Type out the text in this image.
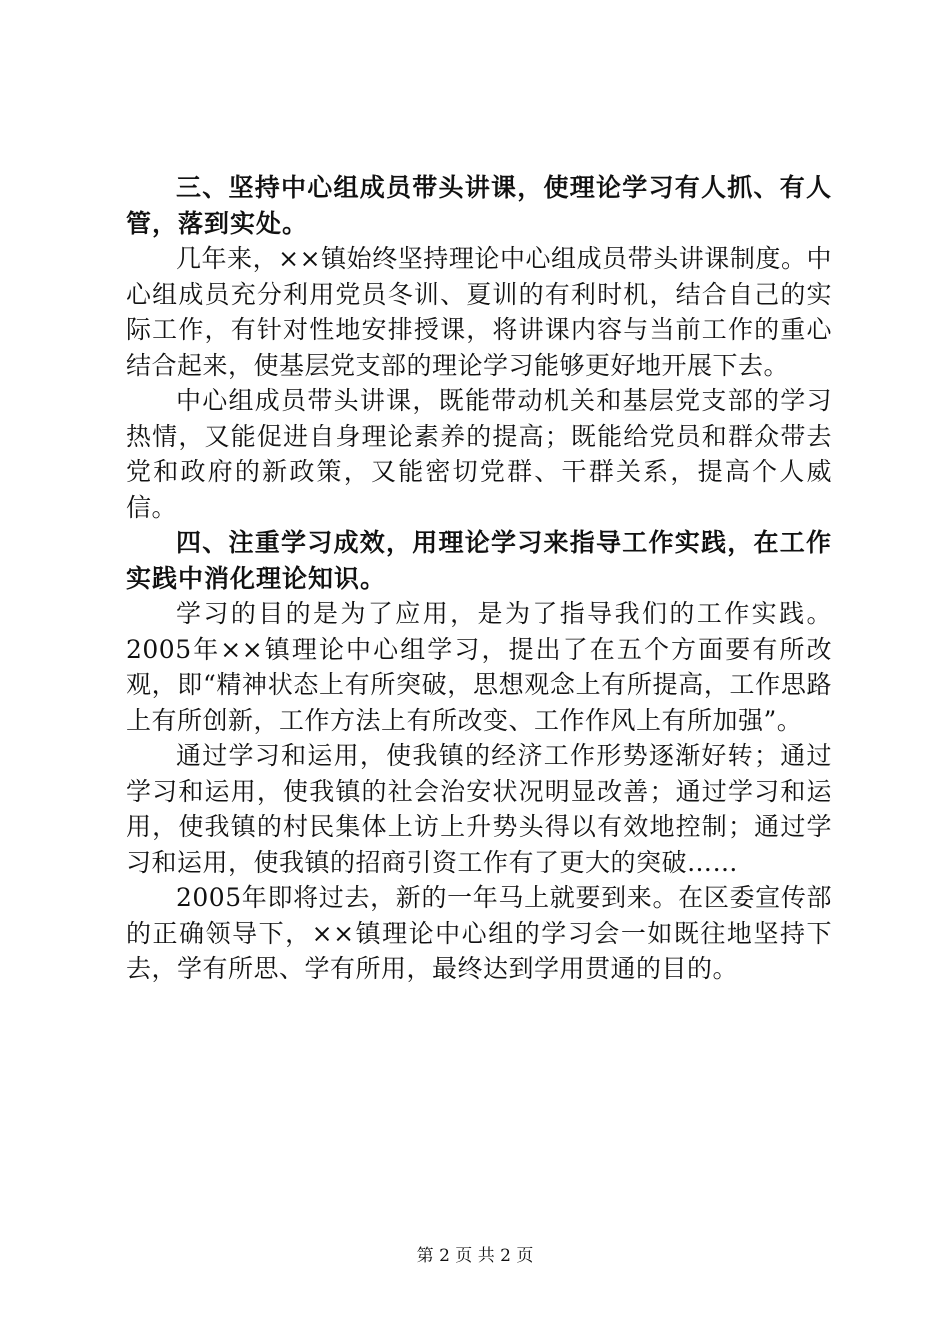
三、坚持中心组成员带头讲课，使理论学习有人抓、有人管，落到实处。

几年来，××镇始终坚持理论中心组成员带头讲课制度。中心组成员充分利用党员冬训、夏训的有利时机，结合自己的实际工作，有针对性地安排授课，将讲课内容与当前工作的重心结合起来，使基层党支部的理论学习能够更好地开展下去。

中心组成员带头讲课，既能带动机关和基层党支部的学习热情，又能促进自身理论素养的提高；既能给党员和群众带去党和政府的新政策，又能密切党群、干群关系，提高个人威信。

四、注重学习成效，用理论学习来指导工作实践，在工作实践中消化理论知识。

学习的目的是为了应用，是为了指导我们的工作实践。2005年××镇理论中心组学习，提出了在五个方面要有所改观，即“精神状态上有所突破，思想观念上有所提高，工作思路上有所创新，工作方法上有所改变、工作作风上有所加强”。

通过学习和运用，使我镇的经济工作形势逐渐好转；通过学习和运用，使我镇的社会治安状况明显改善；通过学习和运用，使我镇的村民集体上访上升势头得以有效地控制；通过学习和运用，使我镇的招商引资工作有了更大的突破……

2005年即将过去，新的一年马上就要到来。在区委宣传部的正确领导下，××镇理论中心组的学习会一如既往地坚持下去，学有所思、学有所用，最终达到学用贯通的目的。

第 2 页 共 2 页
